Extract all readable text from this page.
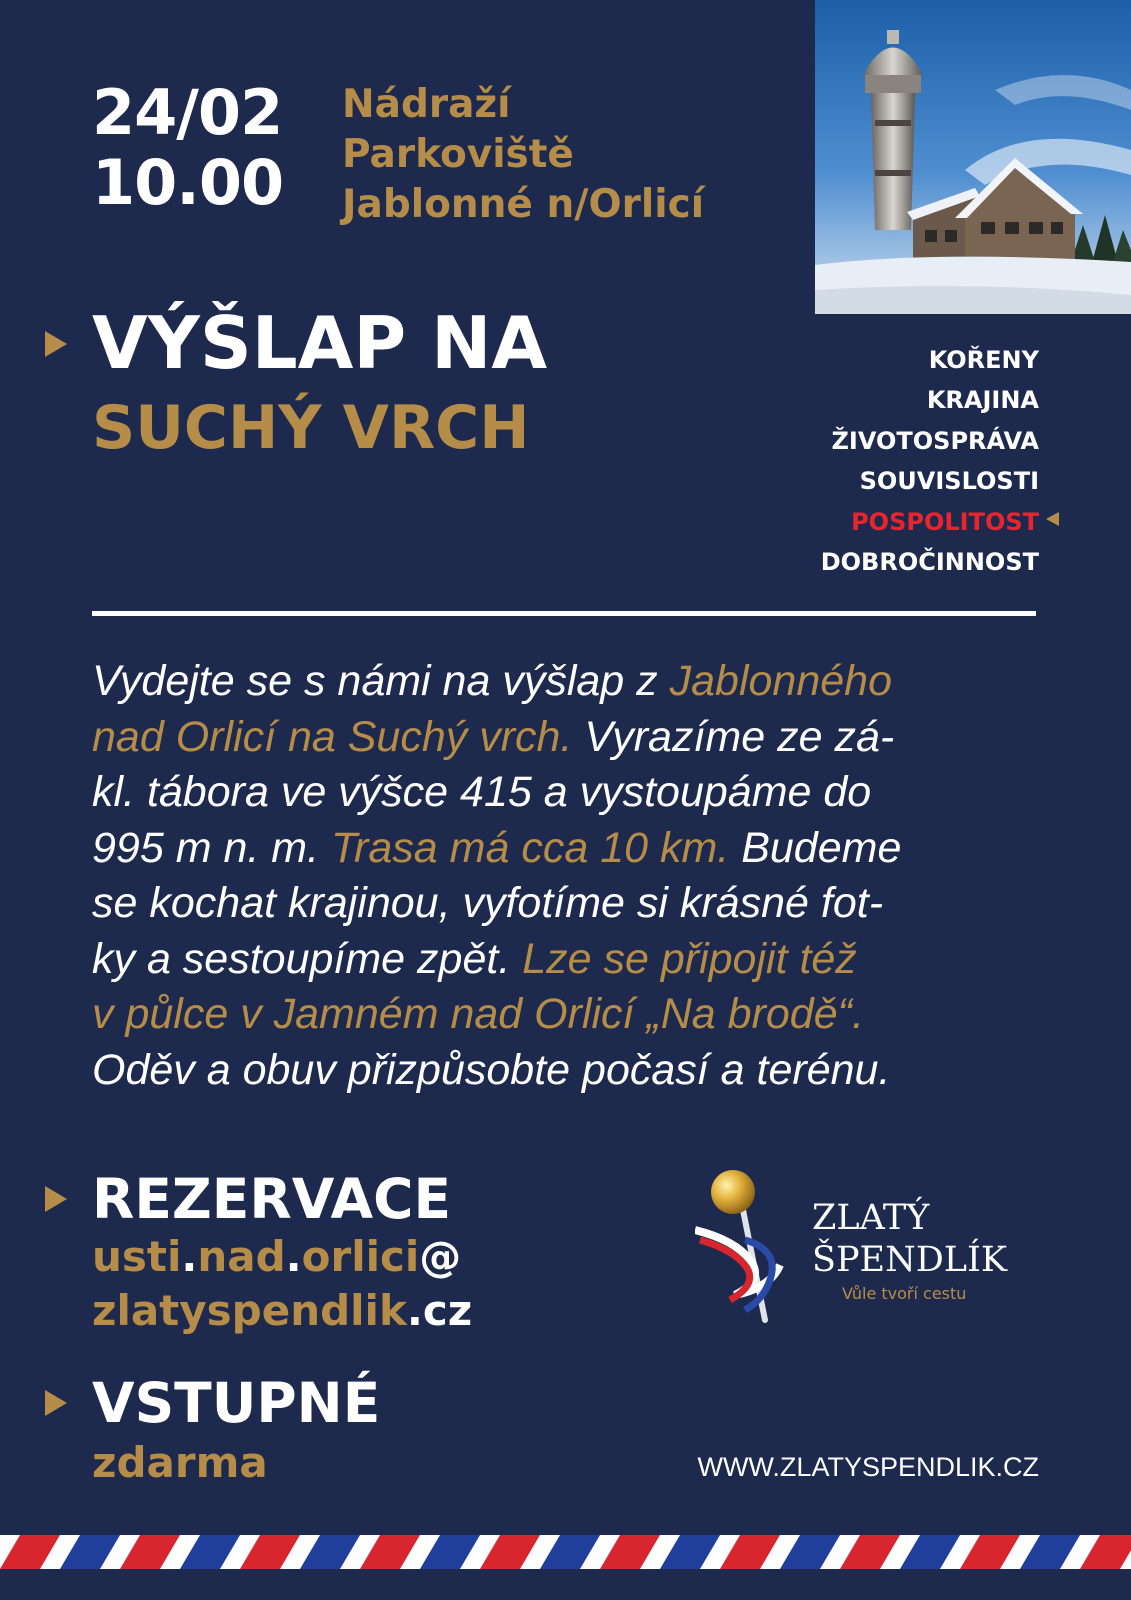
24/02
10.00
Nádraží
Parkoviště
Jablonné n/Orlicí
VÝŠLAP NA
SUCHÝ VRCH
KOŘENY
KRAJINA
ŽIVOTOSPRÁVA
SOUVISLOSTI
POSPOLITOST
DOBROČINNOST
Vydejte se s námi na výšlap z Jablonného
nad Orlicí na Suchý vrch. Vyrazíme ze zá-
kl. tábora ve výšce 415 a vystoupáme do
995 m n. m. Trasa má cca 10 km. Budeme
se kochat krajinou, vyfotíme si krásné fot-
ky a sestoupíme zpět. Lze se připojit též
v půlce v Jamném nad Orlicí „Na brodě“.
Oděv a obuv přizpůsobte počasí a terénu.
REZERVACE
usti.nad.orlici@
zlatyspendlik.cz
VSTUPNÉ
zdarma
ZLATÝ
ŠPENDLÍK
Vůle tvoří cestu
WWW.ZLATYSPENDLIK.CZ
